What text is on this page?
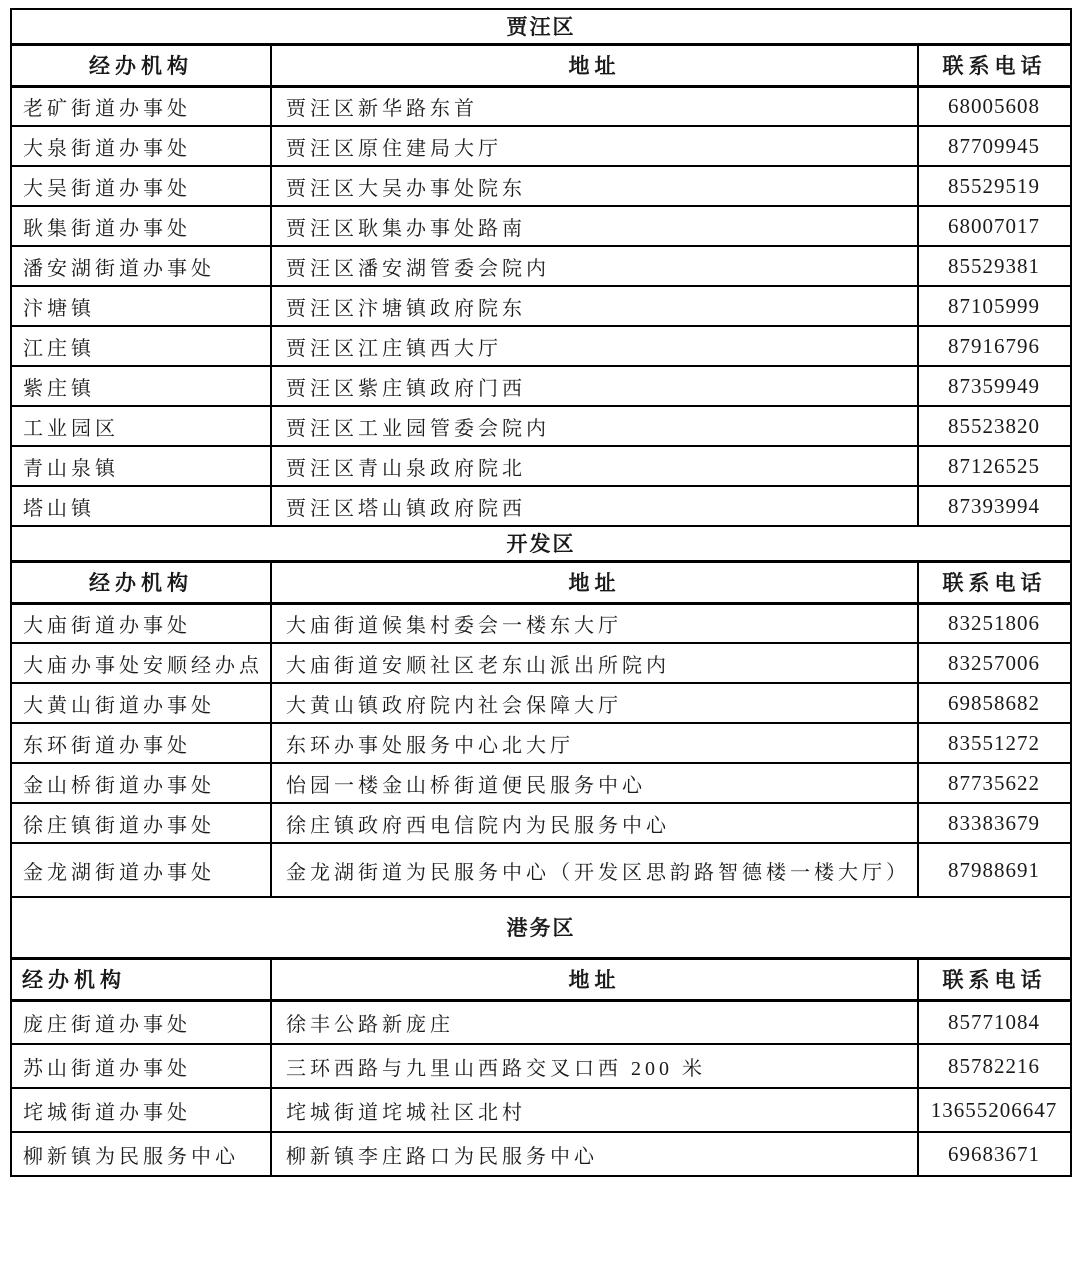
贾汪区		
经办机构	地址	联系电话
老矿街道办事处	贾汪区新华路东首	68005608
大泉街道办事处	贾汪区原住建局大厅	87709945
大吴街道办事处	贾汪区大吴办事处院东	85529519
耿集街道办事处	贾汪区耿集办事处路南	68007017
潘安湖街道办事处	贾汪区潘安湖管委会院内	85529381
汴塘镇	贾汪区汴塘镇政府院东	87105999
江庄镇	贾汪区江庄镇西大厅	87916796
紫庄镇	贾汪区紫庄镇政府门西	87359949
工业园区	贾汪区工业园管委会院内	85523820
青山泉镇	贾汪区青山泉政府院北	87126525
塔山镇	贾汪区塔山镇政府院西	87393994
开发区		
经办机构	地址	联系电话
大庙街道办事处	大庙街道候集村委会一楼东大厅	83251806
大庙办事处安顺经办点	大庙街道安顺社区老东山派出所院内	83257006
大黄山街道办事处	大黄山镇政府院内社会保障大厅	69858682
东环街道办事处	东环办事处服务中心北大厅	83551272
金山桥街道办事处	怡园一楼金山桥街道便民服务中心	87735622
徐庄镇街道办事处	徐庄镇政府西电信院内为民服务中心	83383679
金龙湖街道办事处	金龙湖街道为民服务中心（开发区思韵路智德楼一楼大厅）	87988691
港务区		
经办机构	地址	联系电话
庞庄街道办事处	徐丰公路新庞庄	85771084
苏山街道办事处	三环西路与九里山西路交叉口西 200 米	85782216
垞城街道办事处	垞城街道垞城社区北村	13655206647
柳新镇为民服务中心	柳新镇李庄路口为民服务中心	69683671
